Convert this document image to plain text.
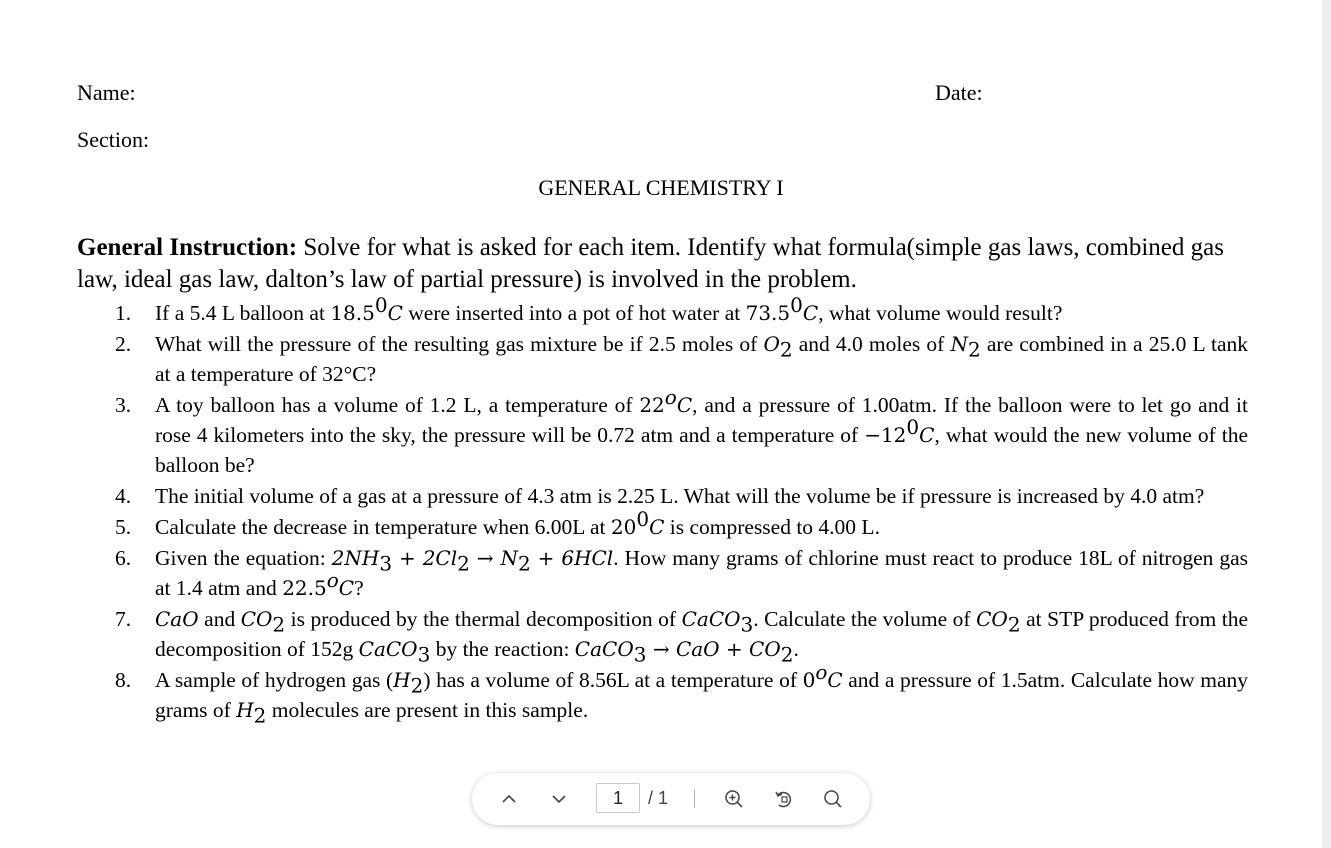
Name:	Date:
Section:
GENERAL CHEMISTRY I
General Instruction: Solve for what is asked for each item. Identify what formula(simple gas laws, combined gas law, ideal gas law, dalton’s law of partial pressure) is involved in the problem.
1. If a 5.4 L balloon at 18.5$^0$C were inserted into a pot of hot water at 73.5$^0$C, what volume would result?
2. What will the pressure of the resulting gas mixture be if 2.5 moles of $O_2$ and 4.0 moles of $N_2$ are combined in a 25.0 L tank at a temperature of 32°C?
3. A toy balloon has a volume of 1.2 L, a temperature of 22$^o$C, and a pressure of 1.00atm. If the balloon were to let go and it rose 4 kilometers into the sky, the pressure will be 0.72 atm and a temperature of $-12^0C$, what would the new volume of the balloon be?
4. The initial volume of a gas at a pressure of 4.3 atm is 2.25 L. What will the volume be if pressure is increased by 4.0 atm?
5. Calculate the decrease in temperature when 6.00L at $20^0C$ is compressed to 4.00 L.
6. Given the equation: $2NH_3 + 2Cl_2 \to N_2 + 6HCl$. How many grams of chlorine must react to produce 18L of nitrogen gas at 1.4 atm and 22.5$^o$C?
7. CaO and $CO_2$ is produced by the thermal decomposition of CaCO$_3$. Calculate the volume of $CO_2$ at STP produced from the decomposition of 152g CaCO$_3$ by the reaction: CaCO$_3$ → CaO + $CO_2$.
8. A sample of hydrogen gas $(H_2)$ has a volume of 8.56L at a temperature of 0$^o$C and a pressure of 1.5atm. Calculate how many grams of $H_2$ molecules are present in this sample.
1
/ 1
